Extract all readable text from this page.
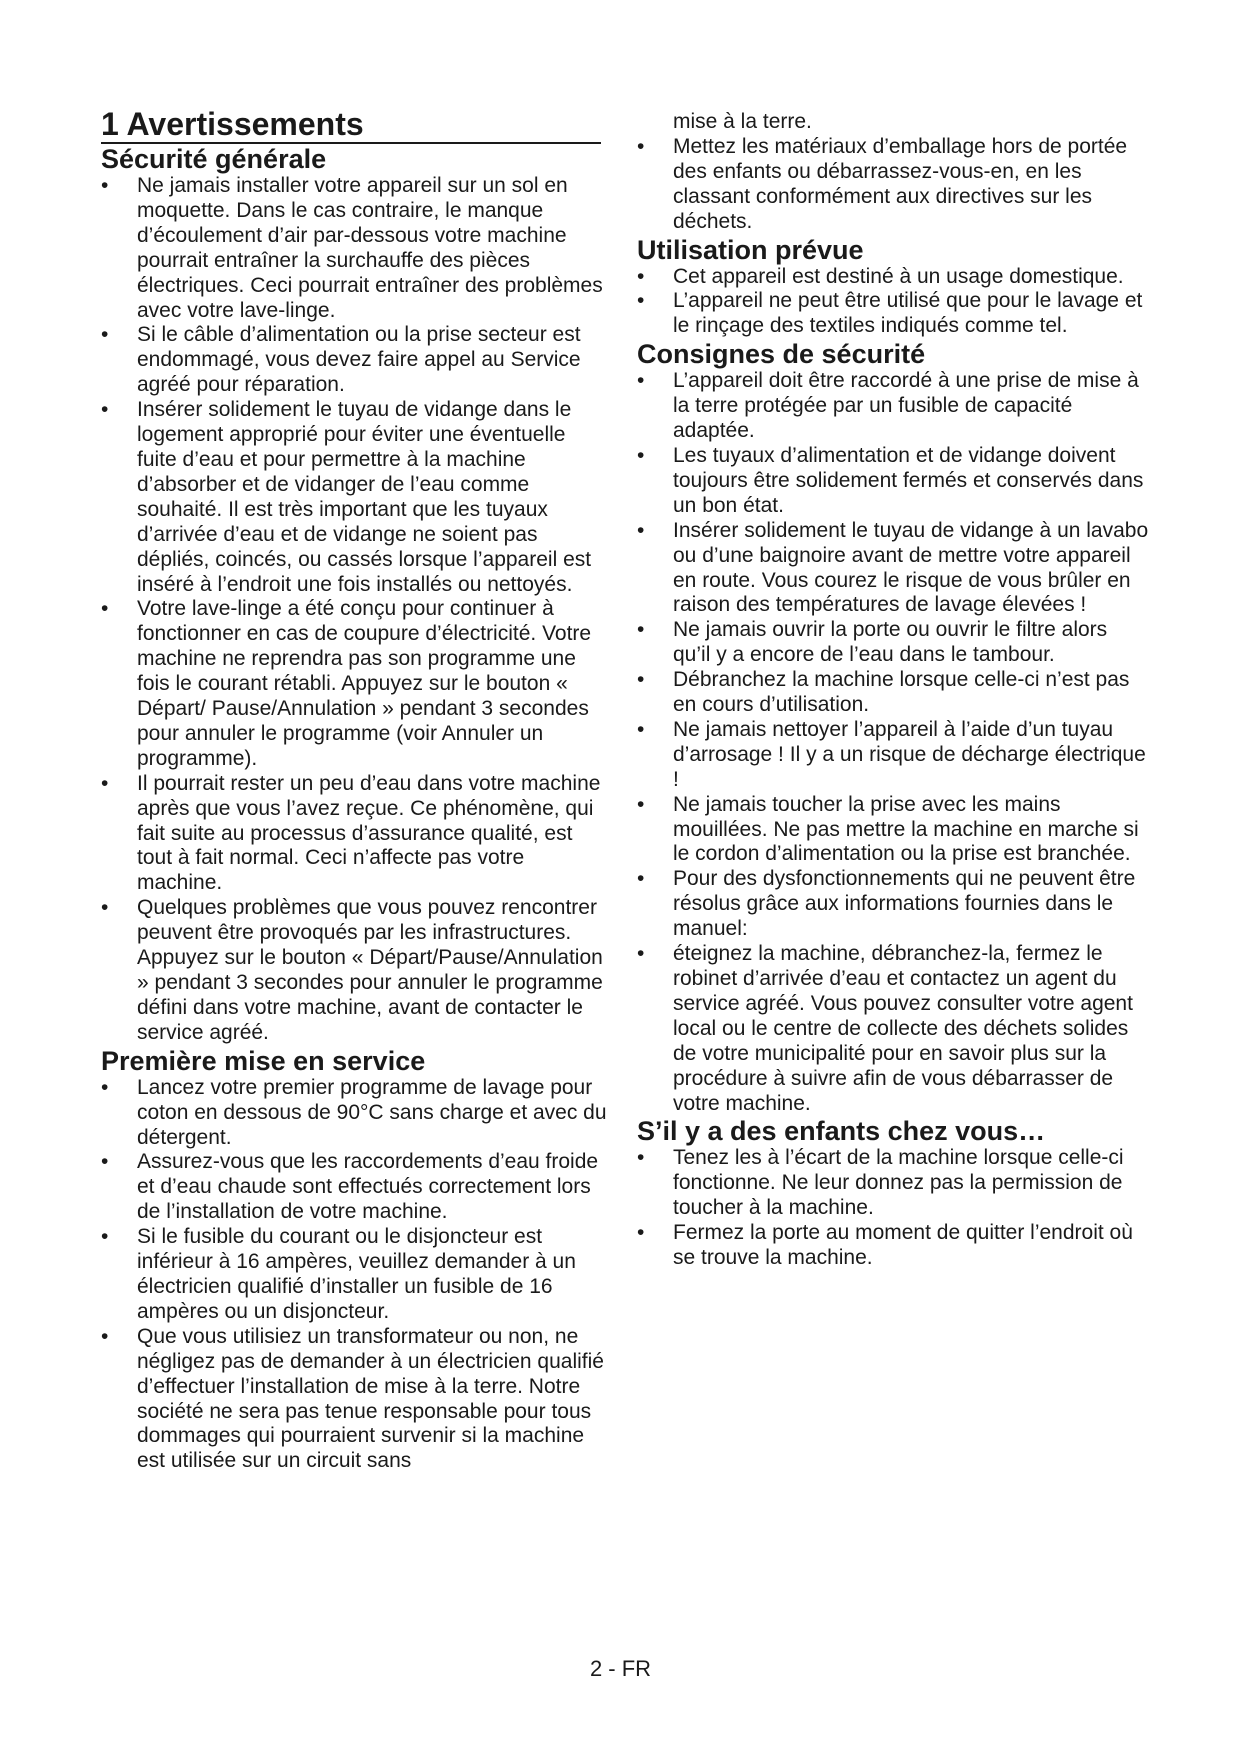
1 Avertissements
Sécurité générale
• Ne jamais installer votre appareil sur un sol en moquette. Dans le cas contraire, le manque d’écoulement d’air par-dessous votre machine pourrait entraîner la surchauffe des pièces électriques. Ceci pourrait entraîner des problèmes avec votre lave-linge.
• Si le câble d’alimentation ou la prise secteur est endommagé, vous devez faire appel au Service agréé pour réparation.
• Insérer solidement le tuyau de vidange dans le logement approprié pour éviter une éventuelle fuite d’eau et pour permettre à la machine d’absorber et de vidanger de l’eau comme souhaité. Il est très important que les tuyaux d’arrivée d’eau et de vidange ne soient pas dépliés, coincés, ou cassés lorsque l’appareil est inséré à l’endroit une fois installés ou nettoyés.
• Votre lave-linge a été conçu pour continuer à fonctionner en cas de coupure d’électricité. Votre machine ne reprendra pas son programme une fois le courant rétabli. Appuyez sur le bouton « Départ/ Pause/Annulation » pendant 3 secondes pour annuler le programme (voir Annuler un programme).
• Il pourrait rester un peu d’eau dans votre machine après que vous l’avez reçue. Ce phénomène, qui fait suite au processus d’assurance qualité, est tout à fait normal. Ceci n’affecte pas votre machine.
• Quelques problèmes que vous pouvez rencontrer peuvent être provoqués par les infrastructures. Appuyez sur le bouton « Départ/Pause/Annulation » pendant 3 secondes pour annuler le programme défini dans votre machine, avant de contacter le service agréé.
Première mise en service
• Lancez votre premier programme de lavage pour coton en dessous de 90°C sans charge et avec du détergent.
• Assurez-vous que les raccordements d’eau froide et d’eau chaude sont effectués correctement lors de l’installation de votre machine.
• Si le fusible du courant ou le disjoncteur est inférieur à 16 ampères, veuillez demander à un électricien qualifié d’installer un fusible de 16 ampères ou un disjoncteur.
• Que vous utilisiez un transformateur ou non, ne négligez pas de demander à un électricien qualifié d’effectuer l’installation de mise à la terre. Notre société ne sera pas tenue responsable pour tous dommages qui pourraient survenir si la machine est utilisée sur un circuit sans
mise à la terre.
• Mettez les matériaux d’emballage hors de portée des enfants ou débarrassez-vous-en, en les classant conformément aux directives sur les déchets.
Utilisation prévue
• Cet appareil est destiné à un usage domestique.
• L’appareil ne peut être utilisé que pour le lavage et le rinçage des textiles indiqués comme tel.
Consignes de sécurité
• L’appareil doit être raccordé à une prise de mise à la terre protégée par un fusible de capacité adaptée.
• Les tuyaux d’alimentation et de vidange doivent toujours être solidement fermés et conservés dans un bon état.
• Insérer solidement le tuyau de vidange à un lavabo ou d’une baignoire avant de mettre votre appareil en route. Vous courez le risque de vous brûler en raison des températures de lavage élevées !
• Ne jamais ouvrir la porte ou ouvrir le filtre alors qu’il y a encore de l’eau dans le tambour.
• Débranchez la machine lorsque celle-ci n’est pas en cours d’utilisation.
• Ne jamais nettoyer l’appareil à l’aide d’un tuyau d’arrosage ! Il y a un risque de décharge électrique !
• Ne jamais toucher la prise avec les mains mouillées. Ne pas mettre la machine en marche si le cordon d’alimentation ou la prise est branchée.
• Pour des dysfonctionnements qui ne peuvent être résolus grâce aux informations fournies dans le manuel:
• éteignez la machine, débranchez-la, fermez le robinet d’arrivée d’eau et contactez un agent du service agréé. Vous pouvez consulter votre agent local ou le centre de collecte des déchets solides de votre municipalité pour en savoir plus sur la procédure à suivre afin de vous débarrasser de votre machine.
S’il y a des enfants chez vous…
• Tenez les à l’écart de la machine lorsque celle-ci fonctionne. Ne leur donnez pas la permission de toucher à la machine.
• Fermez la porte au moment de quitter l’endroit où se trouve la machine.
2 - FR
